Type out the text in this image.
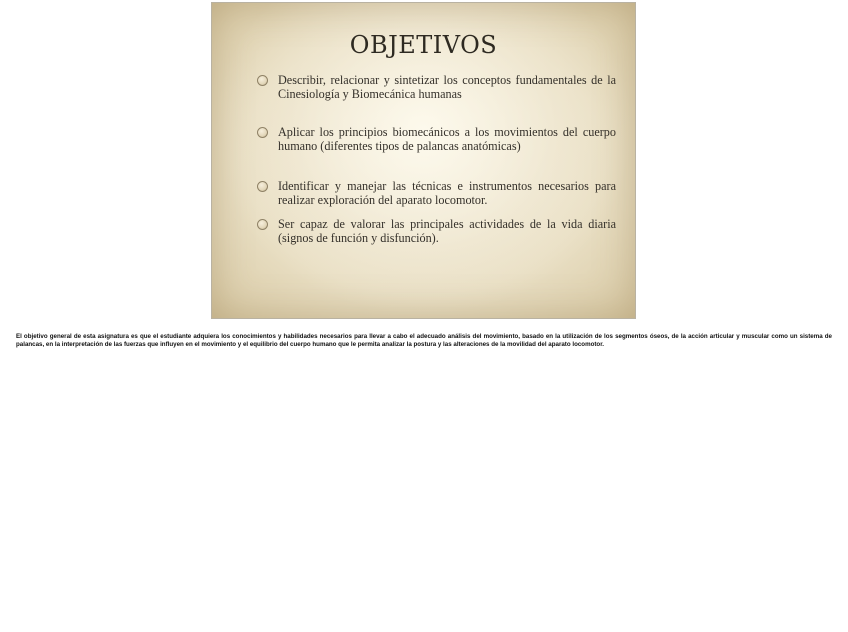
OBJETIVOS
Describir, relacionar y sintetizar los conceptos fundamentales de la Cinesiología y Biomecánica humanas
Aplicar los principios biomecánicos a los movimientos del cuerpo humano (diferentes tipos de palancas anatómicas)
Identificar y manejar las técnicas e instrumentos necesarios para realizar exploración del aparato locomotor.
Ser capaz de valorar las principales actividades de la vida diaria (signos de función y disfunción).
El objetivo general de esta asignatura es que el estudiante adquiera los conocimientos y habilidades necesarios para llevar a cabo el adecuado análisis del movimiento, basado en la utilización de los segmentos óseos, de la acción articular y muscular como un sistema de palancas, en la interpretación de las fuerzas que influyen en el movimiento y el equilibrio del cuerpo humano que le permita analizar la postura y las alteraciones de la movilidad del aparato locomotor.
